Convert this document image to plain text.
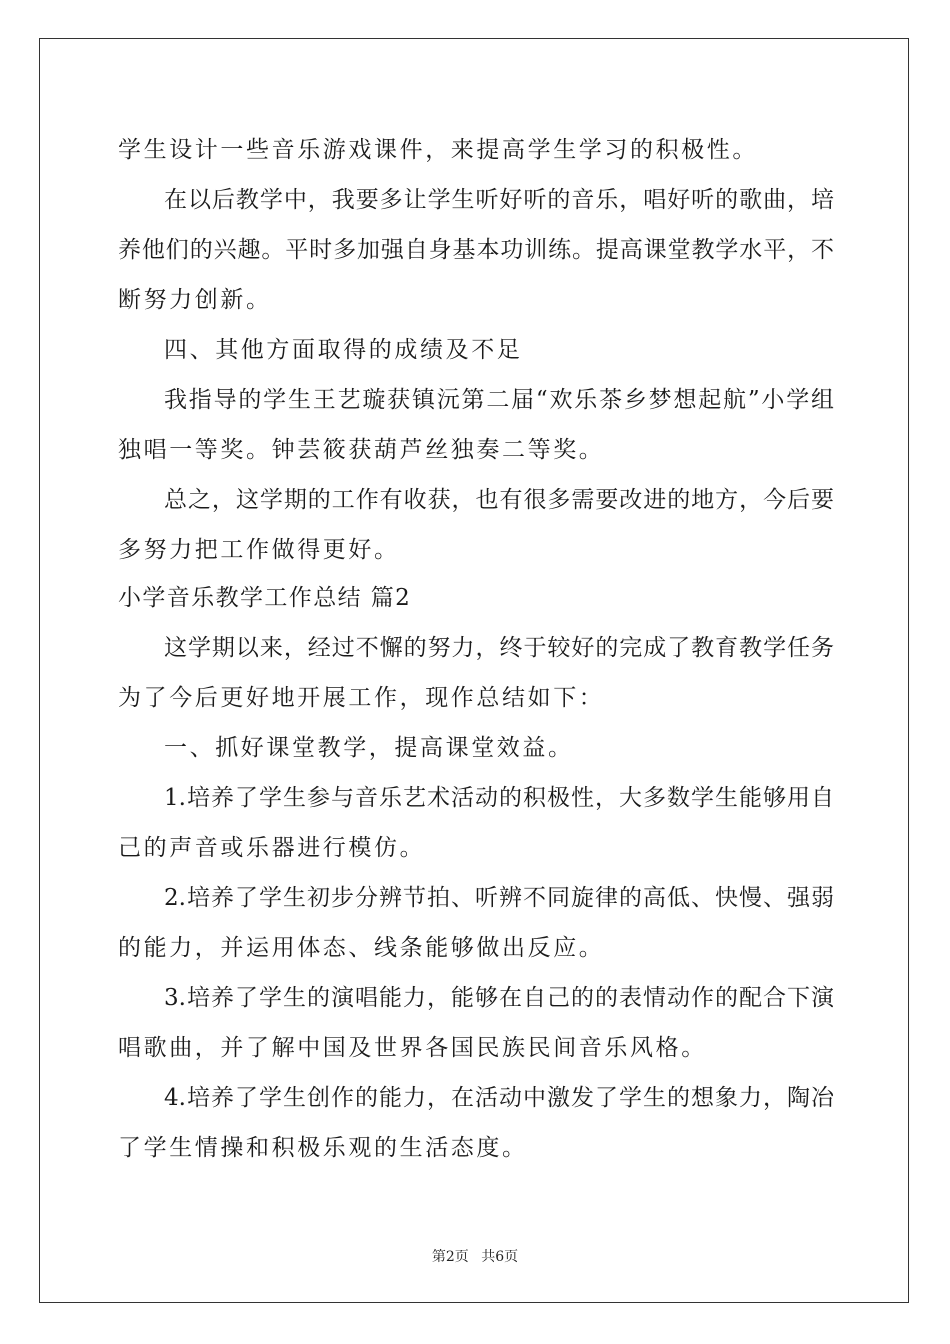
学生设计一些音乐游戏课件，来提高学生学习的积极性。
在以后教学中，我要多让学生听好听的音乐，唱好听的歌曲，培
养他们的兴趣。平时多加强自身基本功训练。提高课堂教学水平，不
断努力创新。
四、其他方面取得的成绩及不足
我指导的学生王艺璇获镇沅第二届“欢乐茶乡梦想起航”小学组
独唱一等奖。钟芸筱获葫芦丝独奏二等奖。
总之，这学期的工作有收获，也有很多需要改进的地方，今后要
多努力把工作做得更好。
小学音乐教学工作总结 篇2
这学期以来，经过不懈的努力，终于较好的完成了教育教学任务
为了今后更好地开展工作，现作总结如下：
一、抓好课堂教学，提高课堂效益。
1.培养了学生参与音乐艺术活动的积极性，大多数学生能够用自
己的声音或乐器进行模仿。
2.培养了学生初步分辨节拍、听辨不同旋律的高低、快慢、强弱
的能力，并运用体态、线条能够做出反应。
3.培养了学生的演唱能力，能够在自己的的表情动作的配合下演
唱歌曲，并了解中国及世界各国民族民间音乐风格。
4.培养了学生创作的能力，在活动中激发了学生的想象力，陶冶
了学生情操和积极乐观的生活态度。
第2页 共6页
